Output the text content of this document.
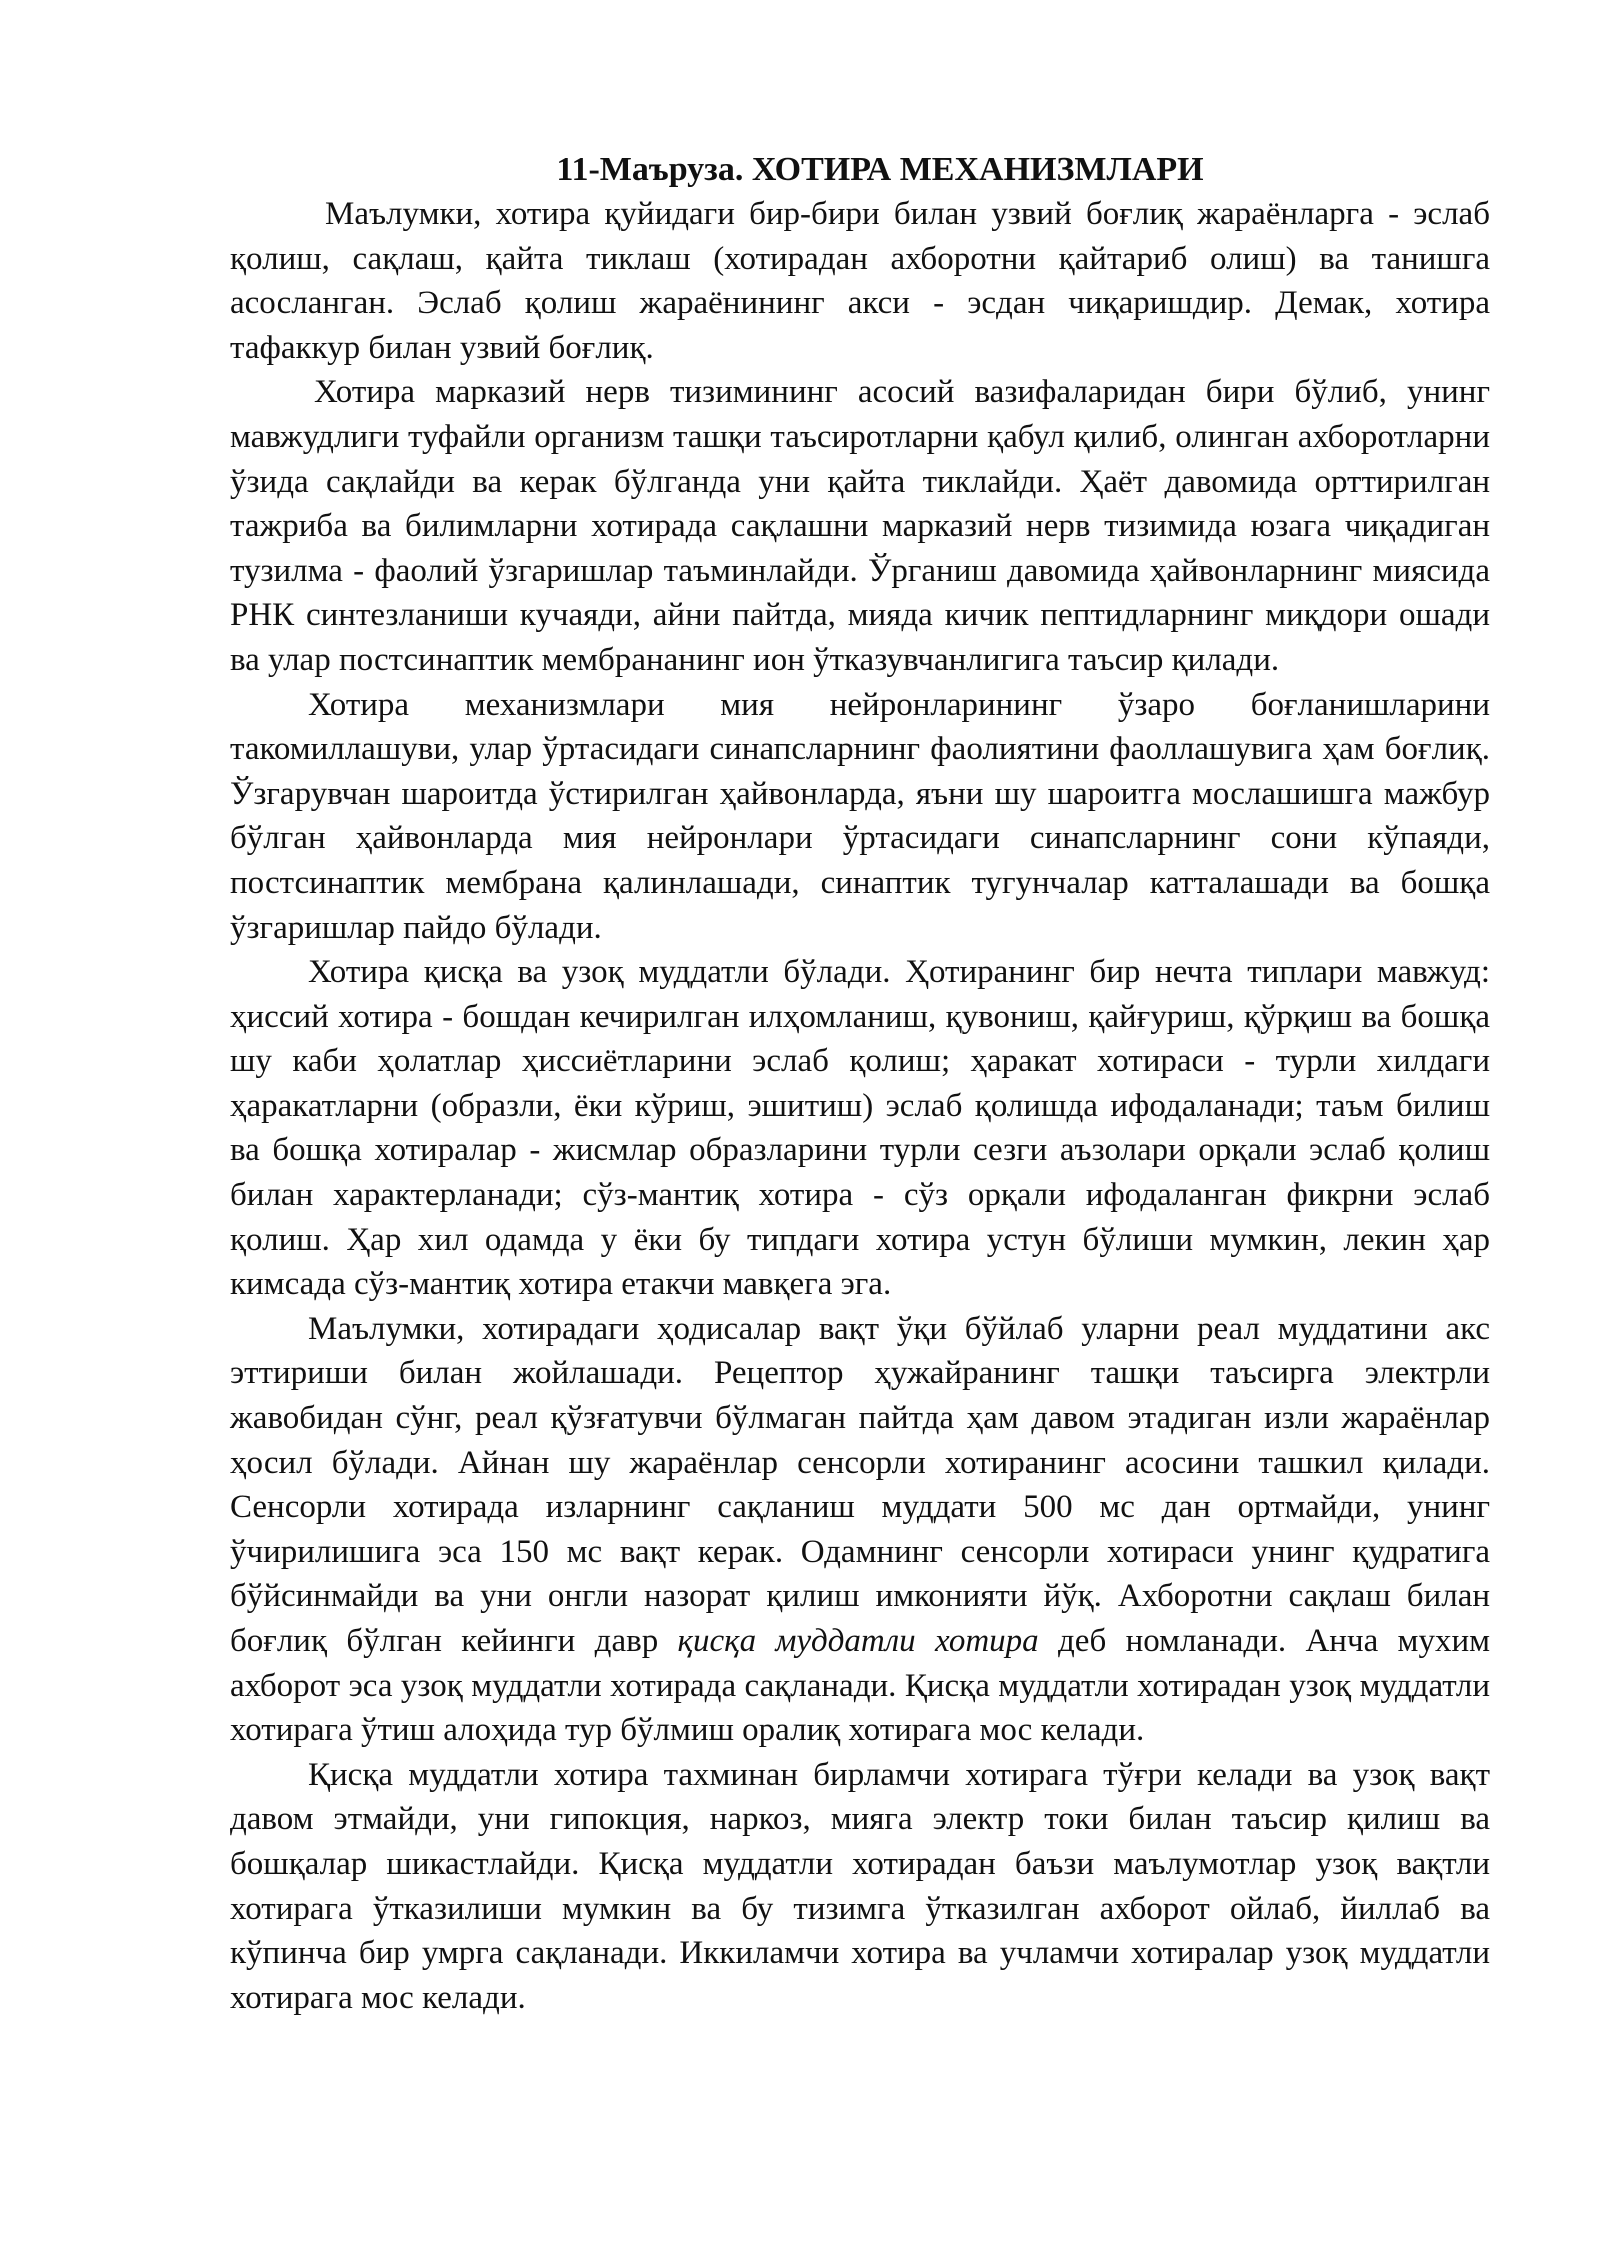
11-Маъруза. ХОТИРА МЕХАНИЗМЛАРИ

Маълумки, хотира қуйидаги бир-бири билан узвий боғлиқ жараёнларга - эслаб қолиш, сақлаш, қайта тиклаш (хотирадан ахборотни қайтариб олиш) ва танишга асосланган. Эслаб қолиш жараёнининг акси - эсдан чиқаришдир. Демак, хотира тафаккур билан узвий боғлиқ.

Хотира марказий нерв тизимининг асосий вазифаларидан бири бўлиб, унинг мавжудлиги туфайли организм ташқи таъсиротларни қабул қилиб, олинган ахборотларни ўзида сақлайди ва керак бўлганда уни қайта тиклайди. Ҳаёт давомида орттирилган тажриба ва билимларни хотирада сақлашни марказий нерв тизимида юзага чиқадиган тузилма - фаолий ўзгаришлар таъминлайди. Ўрганиш давомида ҳайвонларнинг миясида РНК синтезланиши кучаяди, айни пайтда, мияда кичик пептидларнинг миқдори ошади ва улар постсинаптик мембрананинг ион ўтказувчанлигига таъсир қилади.

Хотира механизмлари мия нейронларининг ўзаро боғланишларини такомиллашуви, улар ўртасидаги синапсларнинг фаолиятини фаоллашувига ҳам боғлиқ. Ўзгарувчан шароитда ўстирилган ҳайвонларда, яъни шу шароитга мослашишга мажбур бўлган ҳайвонларда мия нейронлари ўртасидаги синапсларнинг сони кўпаяди, постсинаптик мембрана қалинлашади, синаптик тугунчалар катталашади ва бошқа ўзгаришлар пайдо бўлади.

Хотира қисқа ва узоқ муддатли бўлади. Ҳотиранинг бир нечта типлари мавжуд: ҳиссий хотира - бошдан кечирилган илҳомланиш, қувониш, қайғуриш, қўрқиш ва бошқа шу каби ҳолатлар ҳиссиётларини эслаб қолиш; ҳаракат хотираси - турли хилдаги ҳаракатларни (образли, ёки кўриш, эшитиш) эслаб қолишда ифодаланади; таъм билиш ва бошқа хотиралар - жисмлар образларини турли сезги аъзолари орқали эслаб қолиш билан характерланади; сўз-мантиқ хотира - сўз орқали ифодаланган фикрни эслаб қолиш. Ҳар хил одамда у ёки бу типдаги хотира устун бўлиши мумкин, лекин ҳар кимсада сўз-мантиқ хотира етакчи мавқега эга.

Маълумки, хотирадаги ҳодисалар вақт ўқи бўйлаб уларни реал муддатини акс эттириши билан жойлашади. Рецептор ҳужайранинг ташқи таъсирга электрли жавобидан сўнг, реал қўзғатувчи бўлмаган пайтда ҳам давом этадиган изли жараёнлар ҳосил бўлади. Айнан шу жараёнлар сенсорли хотиранинг асосини ташкил қилади. Сенсорли хотирада изларнинг сақланиш муддати 500 мс дан ортмайди, унинг ўчирилишига эса 150 мс вақт керак. Одамнинг сенсорли хотираси унинг қудратига бўйсинмайди ва уни онгли назорат қилиш имконияти йўқ. Ахборотни сақлаш билан боғлиқ бўлган кейинги давр қисқа муддатли хотира деб номланади. Анча мухим ахборот эса узоқ муддатли хотирада сақланади. Қисқа муддатли хотирадан узоқ муддатли хотирага ўтиш алоҳида тур бўлмиш оралиқ хотирага мос келади.

Қисқа муддатли хотира тахминан бирламчи хотирага тўғри келади ва узоқ вақт давом этмайди, уни гипокция, наркоз, мияга электр токи билан таъсир қилиш ва бошқалар шикастлайди. Қисқа муддатли хотирадан баъзи маълумотлар узоқ вақтли хотирага ўтказилиши мумкин ва бу тизимга ўтказилган ахборот ойлаб, йиллаб ва кўпинча бир умрга сақланади. Иккиламчи хотира ва учламчи хотиралар узоқ муддатли хотирага мос келади.
